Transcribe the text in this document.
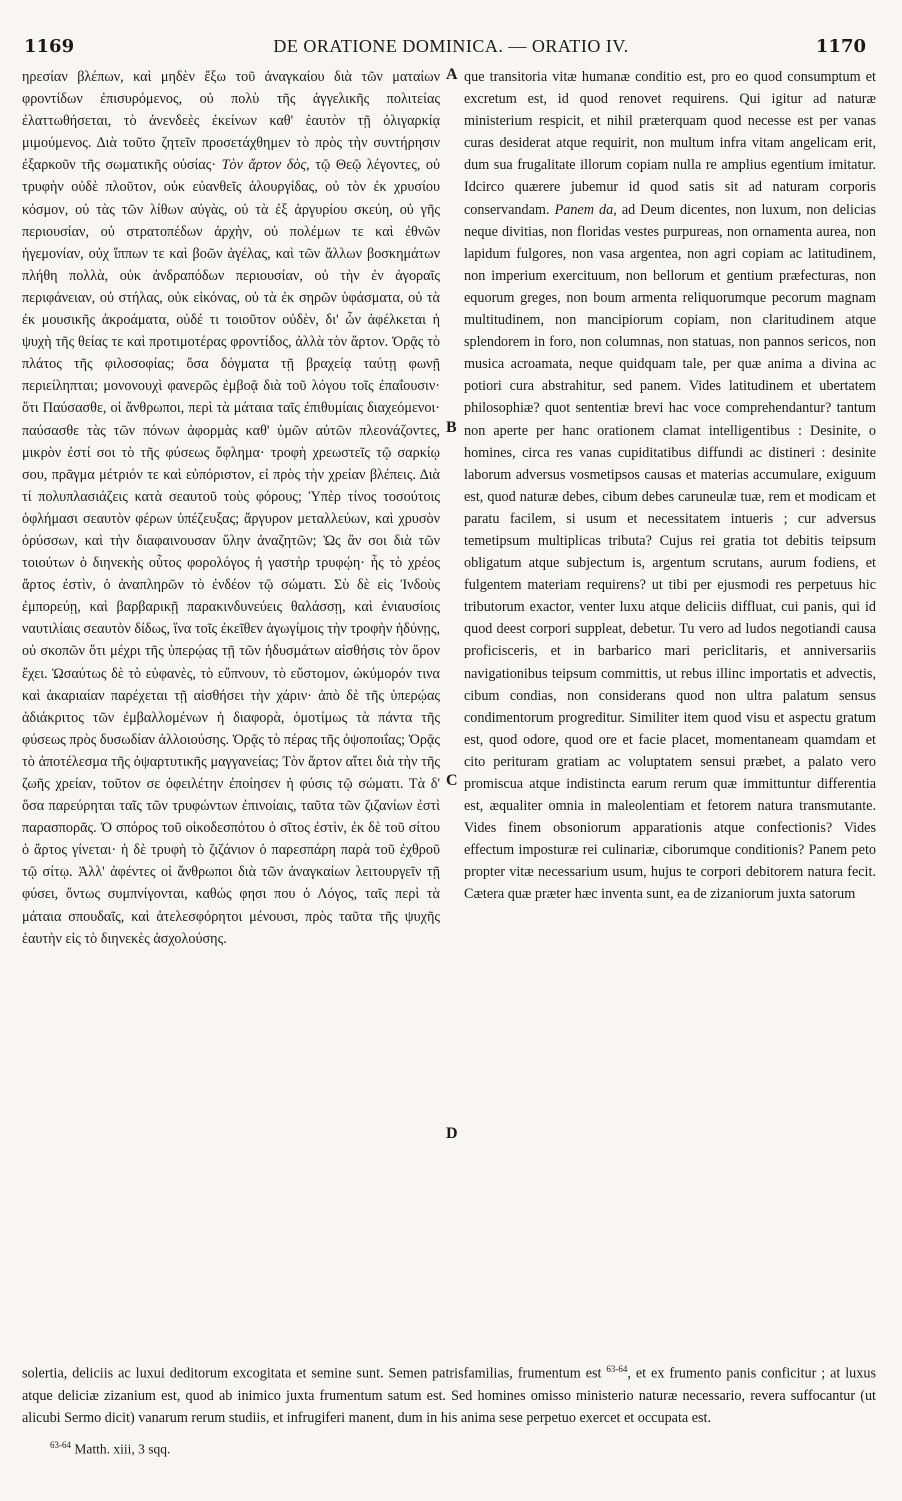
1169	DE ORATIONE DOMINICA. — ORATIO IV.	1170

ηρεσίαν βλέπων, καὶ μηδὲν ἔξω τοῦ ἀναγκαίου διὰ τῶν ματαίων φροντίδων ἐπισυρόμενος, οὐ πολὺ τῆς ἀγγελικῆς πολιτείας ἐλαττωθήσεται, τὸ ἀνενδεὲς ἐκείνων καθ' ἑαυτὸν τῇ ὀλιγαρκίᾳ μιμούμενος. Διὰ τοῦτο ζητεῖν προσετάχθημεν τὸ πρὸς τὴν συντήρησιν ἐξαρκοῦν τῆς σωματικῆς οὐσίας· Τὸν ἄρτον δὸς, τῷ Θεῷ λέγοντες, οὐ τρυφὴν οὐδὲ πλοῦτον, οὐκ εὐανθεῖς ἁλουργίδας, οὐ τὸν ἐκ χρυσίου κόσμον, οὐ τὰς τῶν λίθων αὐγὰς, οὐ τὰ ἐξ ἀργυρίου σκεύη, οὐ γῆς περιουσίαν, οὐ στρατοπέδων ἀρχὴν, οὐ πολέμων τε καὶ ἐθνῶν ἡγεμονίαν, οὐχ ἵππων τε καὶ βοῶν ἀγέλας, καὶ τῶν ἄλλων βοσκημάτων πλήθη πολλὰ, οὐκ ἀνδραπόδων περιουσίαν, οὐ τὴν ἐν ἀγοραῖς περιφάνειαν, οὐ στήλας, οὐκ εἰκόνας, οὐ τὰ ἐκ σηρῶν ὑφάσματα, οὐ τὰ ἐκ μουσικῆς ἀκροάματα, οὐδέ τι τοιοῦτον οὐδὲν, δι' ὧν ἀφέλκεται ἡ ψυχὴ τῆς θείας τε καὶ προτιμοτέρας φροντίδος, ἀλλὰ τὸν ἄρτον. Ὁρᾷς τὸ πλάτος τῆς φιλοσοφίας; ὅσα δόγματα τῇ βραχείᾳ ταύτῃ φωνῇ περιείληπται; μονονουχὶ φανερῶς ἐμβοᾷ διὰ τοῦ λόγου τοῖς ἐπαΐουσιν· ὅτι Παύσασθε, οἱ ἄνθρωποι, περὶ τὰ μάταια ταῖς ἐπιθυμίαις διαχεόμενοι· παύσασθε τὰς τῶν πόνων ἀφορμὰς καθ' ὑμῶν αὐτῶν πλεονάζοντες, μικρὸν ἐστί σοι τὸ τῆς φύσεως ὄφλημα· τροφὴ χρεωστεῖς τῷ σαρκίῳ σου, πρᾶγμα μέτριόν τε καὶ εὐπόριστον, εἰ πρὸς τὴν χρείαν βλέπεις. Διὰ τί πολυπλασιάζεις κατὰ σεαυτοῦ τοὺς φόρους; Ὑπὲρ τίνος τοσούτοις ὀφλήμασι σεαυτὸν φέρων ὑπέζευξας; ἄργυρον μεταλλεύων, καὶ χρυσὸν ὀρύσσων, καὶ τὴν διαφαινουσαν ὕλην ἀναζητῶν; Ὡς ἂν σοι διὰ τῶν τοιούτων ὁ διηνεκὴς οὗτος φορολόγος ἡ γαστὴρ τρυφῴη· ἧς τὸ χρέος ἄρτος ἐστὶν, ὁ ἀναπληρῶν τὸ ἐνδέον τῷ σώματι. Σὺ δὲ εἰς Ἰνδοὺς ἐμπορεύῃ, καὶ βαρβαρικῇ παρακινδυνεύεις θαλάσσῃ, καὶ ἐνιαυσίοις ναυτιλίαις σεαυτὸν δίδως, ἵνα τοῖς ἐκεῖθεν ἀγωγίμοις τὴν τροφὴν ἡδύνῃς, οὐ σκοπῶν ὅτι μέχρι τῆς ὑπερῴας τῇ τῶν ἡδυσμάτων αἰσθήσις τὸν ὅρον ἔχει. Ὡσαύτως δὲ τὸ εὐφανὲς, τὸ εὔπνουν, τὸ εὔστομον, ὠκύμορόν τινα καὶ ἀκαριαίαν παρέχεται τῇ αἰσθήσει τὴν χάριν· ἀπὸ δὲ τῆς ὑπερῴας ἀδιάκριτος τῶν ἐμβαλλομένων ἡ διαφορὰ, ὁμοτίμως τὰ πάντα τῆς φύσεως πρὸς δυσωδίαν ἀλλοιούσης. Ὁρᾷς τὸ πέρας τῆς ὀψοποιΐας; Ὁρᾷς τὸ ἀποτέλεσμα τῆς ὀψαρτυτικῆς μαγγανείας; Τὸν ἄρτον αἴτει διὰ τὴν τῆς ζωῆς χρείαν, τοῦτον σε ὀφειλέτην ἐποίησεν ἡ φύσις τῷ σώματι. Τὰ δ' ὅσα παρεύρηται ταῖς τῶν τρυφώντων ἐπινοίαις, ταῦτα τῶν ζιζανίων ἐστὶ παρασπορᾶς. Ὁ σπόρος τοῦ οἰκοδεσπότου ὁ σῖτος ἐστὶν, ἐκ δὲ τοῦ σίτου ὁ ἄρτος γίνεται· ἡ δὲ τρυφὴ τὸ ζιζάνιον ὁ παρεσπάρη παρὰ τοῦ ἐχθροῦ τῷ σίτῳ. Ἀλλ' ἀφέντες οἱ ἄνθρωποι διὰ τῶν ἀναγκαίων λειτουργεῖν τῇ φύσει, ὄντως συμπνίγονται, καθώς φησι που ὁ Λόγος, ταῖς περὶ τὰ μάταια σπουδαῖς, καὶ ἀτελεσφόρητοι μένουσι, πρὸς ταῦτα τῆς ψυχῆς ἑαυτὴν εἰς τὸ διηνεκὲς ἀσχολούσης.

A
B
C
D

que transitoria vitæ humanæ conditio est, pro eo quod consumptum et excretum est, id quod renovet requirens. Qui igitur ad naturæ ministerium respicit, et nihil præterquam quod necesse est per vanas curas desiderat atque requirit, non multum infra vitam angelicam erit, dum sua frugalitate illorum copiam nulla re amplius egentium imitatur. Idcirco quærere jubemur id quod satis sit ad naturam corporis conservandam. Panem da, ad Deum dicentes, non luxum, non delicias neque divitias, non floridas vestes purpureas, non ornamenta aurea, non lapidum fulgores, non vasa argentea, non agri copiam ac latitudinem, non imperium exercituum, non bellorum et gentium præfecturas, non equorum greges, non boum armenta reliquorumque pecorum magnam multitudinem, non mancipiorum copiam, non claritudinem atque splendorem in foro, non columnas, non statuas, non pannos sericos, non musica acroamata, neque quidquam tale, per quæ anima a divina ac potiori cura abstrahitur, sed panem. Vides latitudinem et ubertatem philosophiæ? quot sententiæ brevi hac voce comprehendantur? tantum non aperte per hanc orationem clamat intelligentibus : Desinite, o homines, circa res vanas cupiditatibus diffundi ac distineri : desinite laborum adversus vosmetipsos causas et materias accumulare, exiguum est, quod naturæ debes, cibum debes caruneulæ tuæ, rem et modicam et paratu facilem, si usum et necessitatem intueris ; cur adversus temetipsum multiplicas tributa? Cujus rei gratia tot debitis teipsum obligatum atque subjectum is, argentum scrutans, aurum fodiens, et fulgentem materiam requirens? ut tibi per ejusmodi res perpetuus hic tributorum exactor, venter luxu atque deliciis diffluat, cui panis, qui id quod deest corpori suppleat, debetur. Tu vero ad ludos negotiandi causa proficisceris, et in barbarico mari periclitaris, et anniversariis navigationibus teipsum committis, ut rebus illinc importatis et advectis, cibum condias, non considerans quod non ultra palatum sensus condimentorum progreditur. Similiter item quod visu et aspectu gratum est, quod odore, quod ore et facie placet, momentaneam quamdam et cito perituram gratiam ac voluptatem sensui præbet, a palato vero promiscua atque indistincta earum rerum quæ immittuntur differentia est, æqualiter omnia in maleolentiam et fetorem natura transmutante. Vides finem obsoniorum apparationis atque confectionis? Vides effectum imposturæ rei culinariæ, ciborumque conditionis? Panem peto propter vitæ necessarium usum, hujus te corpori debitorem natura fecit. Cætera quæ præter hæc inventa sunt, ea de zizaniorum juxta satorum

solertia, deliciis ac luxui deditorum excogitata et semine sunt. Semen patrisfamilias, frumentum est $^{63-64}$, et ex frumento panis conficitur ; at luxus atque deliciæ zizanium est, quod ab inimico juxta frumentum satum est. Sed homines omisso ministerio naturæ necessario, revera suffocantur (ut alicubi Sermo dicit) vanarum rerum studiis, et infrugiferi manent, dum in his anima sese perpetuo exercet et occupata est.

$^{63-64}$ Matth. xiii, 3 sqq.
